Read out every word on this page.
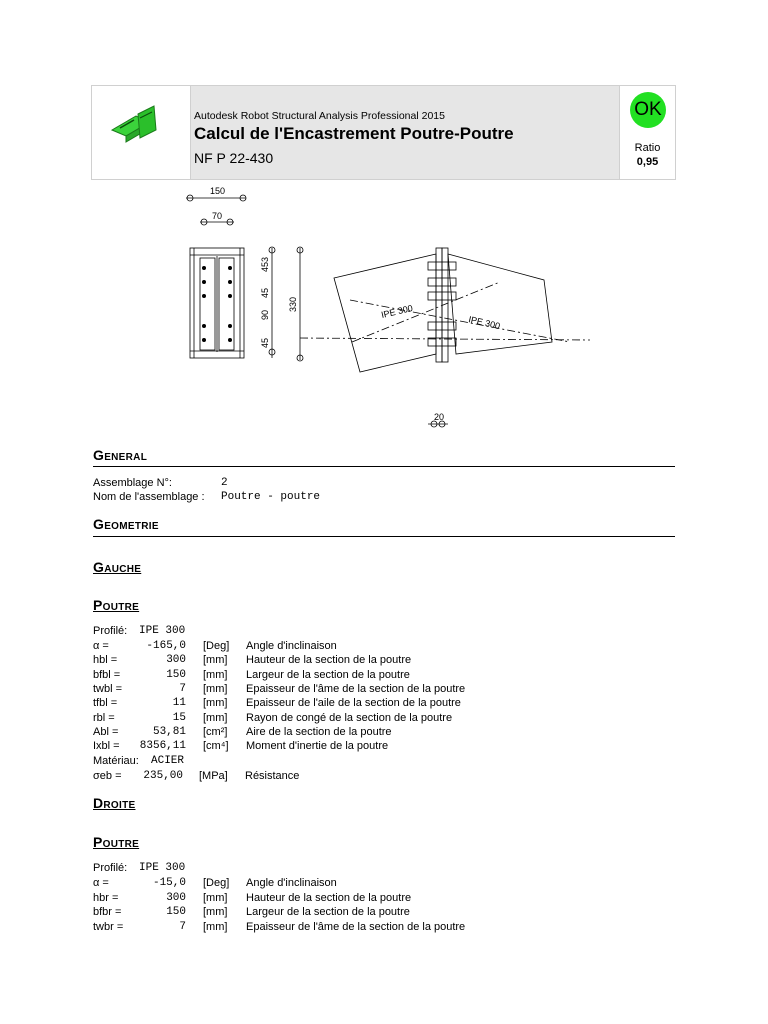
Autodesk Robot Structural Analysis Professional 2015
Calcul de l'Encastrement Poutre-Poutre
NF P 22-430
OK
Ratio
0,95
150
70
453
45
90
45
330	IPE 300
IPE 300
20
General
Assemblage N°:	2
Nom de l'assemblage : Poutre - poutre
Geometrie
Gauche
Poutre
Profilé: IPE 300
α =	-165,0 [Deg] Angle d'inclinaison
hbl =	300 [mm] Hauteur de la section de la poutre
bfbl =	150 [mm] Largeur de la section de la poutre
twbl =	7 [mm] Epaisseur de l'âme de la section de la poutre
tfbl =	11 [mm] Epaisseur de l'aile de la section de la poutre
rbl =	15 [mm] Rayon de congé de la section de la poutre
Abl =	53,81 [cm²] Aire de la section de la poutre
Ixbl =	8356,11 [cm⁴] Moment d'inertie de la poutre
Matériau: ACIER
σeb =	235,00 [MPa] Résistance
Droite
Poutre
Profilé: IPE 300
α =	-15,0 [Deg] Angle d'inclinaison
hbr =	300 [mm] Hauteur de la section de la poutre
bfbr =	150 [mm] Largeur de la section de la poutre
twbr =	7 [mm] Epaisseur de l'âme de la section de la poutre
